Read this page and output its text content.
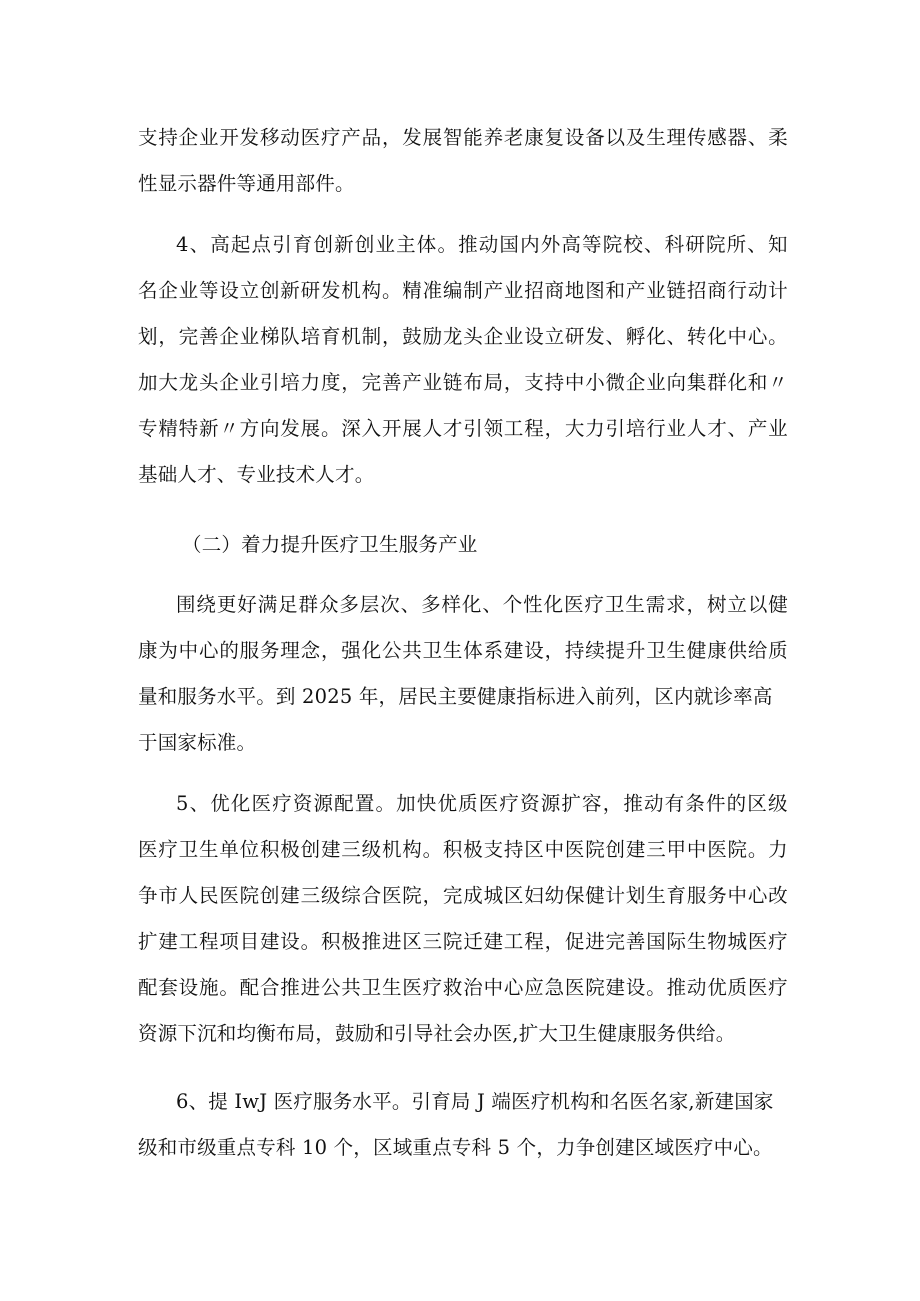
支 持 企 业 开 发 移 动 医 疗 产 品 ， 发 展 智 能 养 老 康 复 设 备 以 及 生 理 传 感 器 、 柔
性显示器件等通用部件。
4 、 高 起 点 引 育 创 新 创 业 主 体 。 推 动 国 内 外 高 等 院 校 、 科 研 院 所 、 知
名 企 业 等 设 立 创 新 研 发 机 构 。 精 准 编 制 产 业 招 商 地 图 和 产 业 链 招 商 行 动 计
划 ， 完 善 企 业 梯 队 培 育 机 制 ， 鼓 励 龙 头 企 业 设 立 研 发 、 孵 化 、 转 化 中 心 。
加 大 龙 头 企 业 引 培 力 度 ， 完 善 产 业 链 布 局 ， 支 持 中 小 微 企 业 向 集 群 化 和 〃
专 精 特 新 〃 方 向 发 展 。 深 入 开 展 人 才 引 领 工 程 ， 大 力 引 培 行 业 人 才 、 产 业
基础人才、专业技术人才。
（二）着力提升医疗卫生服务产业
围 绕 更 好 满 足 群 众 多 层 次 、 多 样 化 、 个 性 化 医 疗 卫 生 需 求 ， 树 立 以 健
康 为 中 心 的 服 务 理 念 ， 强 化 公 共 卫 生 体 系 建 设 ， 持 续 提 升 卫 生 健 康 供 给 质
量和服务水平。到 2025 年，居民主要健康指标进入前列，区内就诊率高
于国家标准。
5 、 优 化 医 疗 资 源 配 置 。 加 快 优 质 医 疗 资 源 扩 容 ， 推 动 有 条 件 的 区 级
医 疗 卫 生 单 位 积 极 创 建 三 级 机 构 。 积 极 支 持 区 中 医 院 创 建 三 甲 中 医 院 。 力
争 市 人 民 医 院 创 建 三 级 综 合 医 院 ， 完 成 城 区 妇 幼 保 健 计 划 生 育 服 务 中 心 改
扩 建 工 程 项 目 建 设 。 积 极 推 进 区 三 院 迁 建 工 程 ， 促 进 完 善 国 际 生 物 城 医 疗
配 套 设 施 。 配 合 推 进 公 共 卫 生 医 疗 救 治 中 心 应 急 医 院 建 设 。 推 动 优 质 医 疗
资源下沉和均衡布局，鼓励和引导社会办医,扩大卫生健康服务供给。
6、提 IwJ 医疗服务水平。引育局 J 端医疗机构和名医名家,新建国家
级和市级重点专科 10 个，区域重点专科 5 个，力争创建区域医疗中心。
